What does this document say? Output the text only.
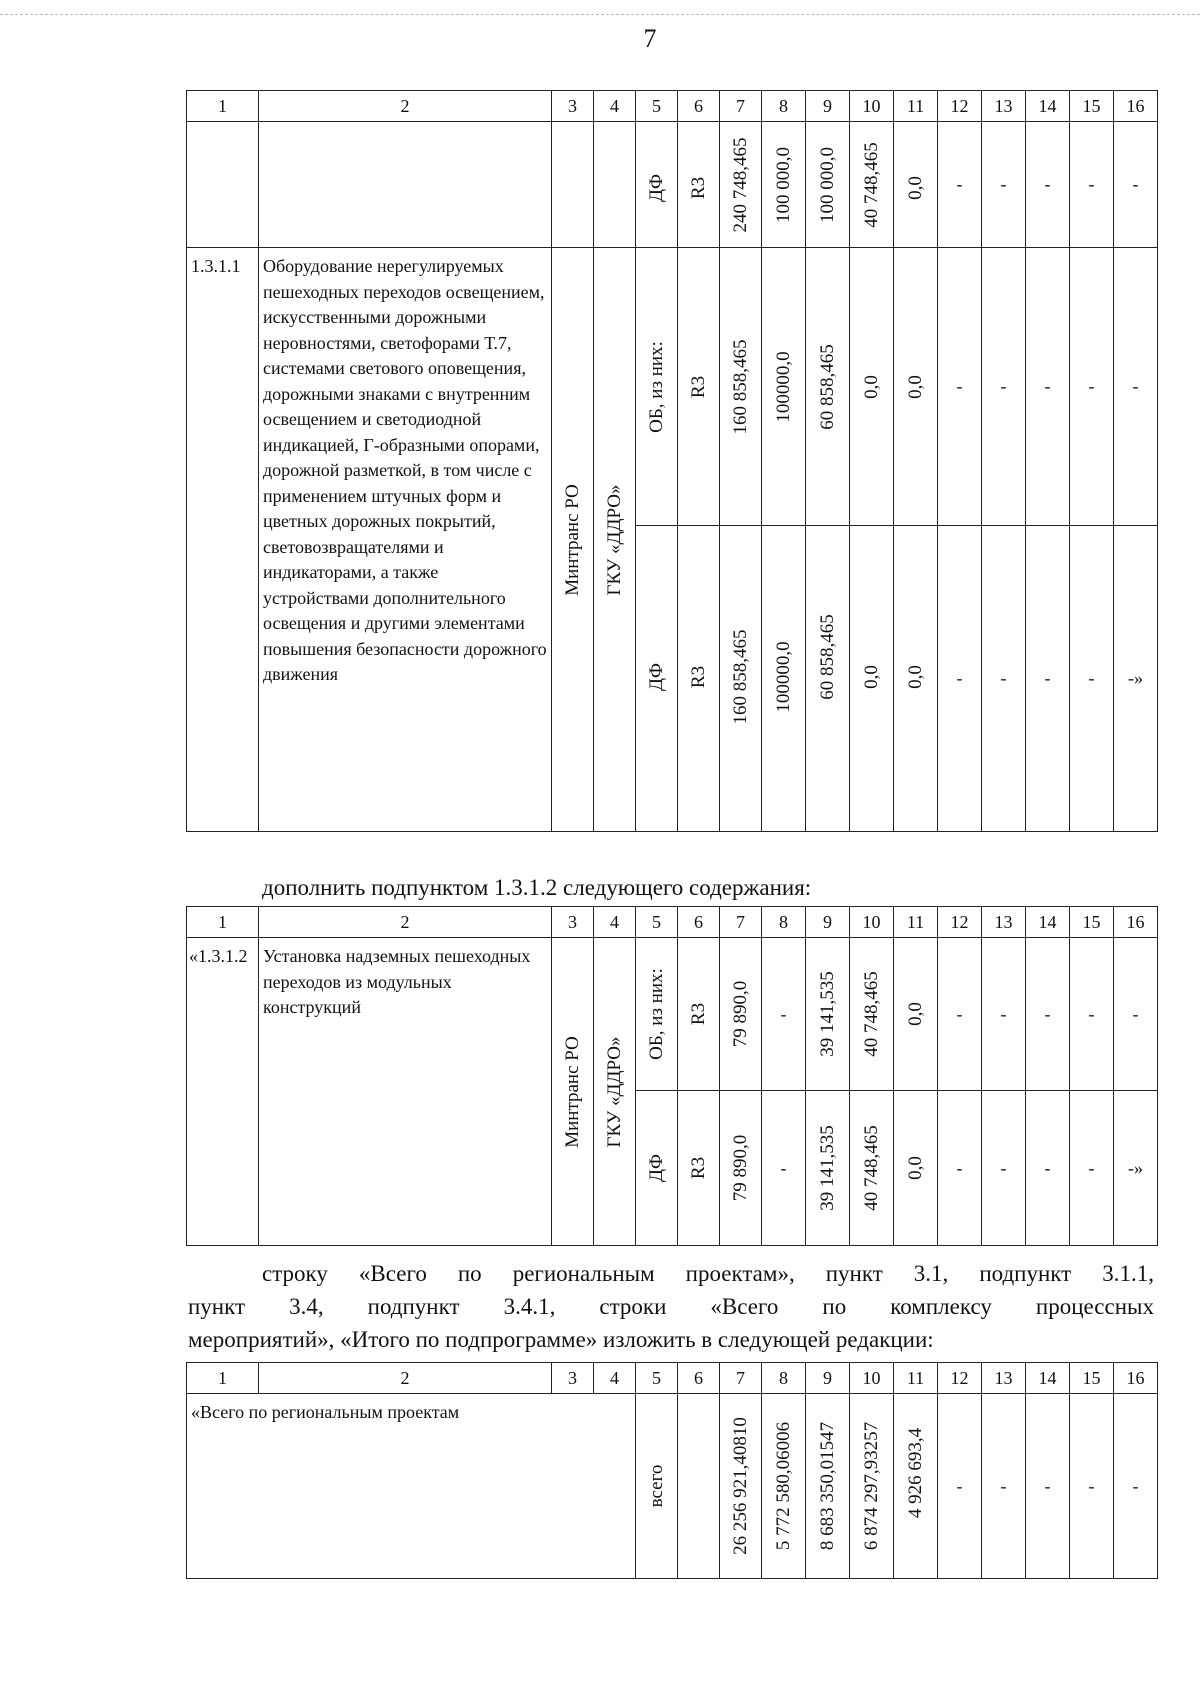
7
1	2	3	4	5	6	7	8	9	10	11	12	13	14	15	16

				ДФ	R3	240 748,465	100 000,0	100 000,0	40 748,465	0,0	-	-	-	-	-
1.3.1.1	Оборудование нерегулируемых пешеходных переходов освещением, искусственными дорожными неровностями, светофорами Т.7, системами светового оповещения, дорожными знаками с внутренним освещением и светодиодной индикацией, Г-образными опорами, дорожной разметкой, в том числе с применением штучных форм и цветных дорожных покрытий, световозвращателями и индикаторами, а также устройствами дополнительного освещения и другими элементами повышения безопасности дорожного движения	Минтранс РО	ГКУ «ДДРО»	ОБ, из них:	R3	160 858,465	100000,0	60 858,465	0,0	0,0	-	-	-	-	-

				ДФ	R3	160 858,465	100000,0	60 858,465	0,0	0,0	-	-	-	-	-»
дополнить подпунктом 1.3.1.2 следующего содержания:
1	2	3	4	5	6	7	8	9	10	11	12	13	14	15	16
«1.3.1.2	Установка надземных пешеходных переходов из модульных конструкций	Минтранс РО	ГКУ «ДДРО»	ОБ, из них:	R3	79 890,0	-	39 141,535	40 748,465	0,0	-	-	-	-	-

				ДФ	R3	79 890,0	-	39 141,535	40 748,465	0,0	-	-	-	-	-»
строку «Всего по региональным проектам», пункт 3.1, подпункт 3.1.1,
пункт 3.4, подпункт 3.4.1, строки «Всего по комплексу процессных
мероприятий», «Итого по подпрограмме» изложить в следующей редакции:
1	2	3	4	5	6	7	8	9	10	11	12	13	14	15	16
«Всего по региональным проектам				всего		26 256 921,40810	5 772 580,06006	8 683 350,01547	6 874 297,93257	4 926 693,4	-	-	-	-	-
